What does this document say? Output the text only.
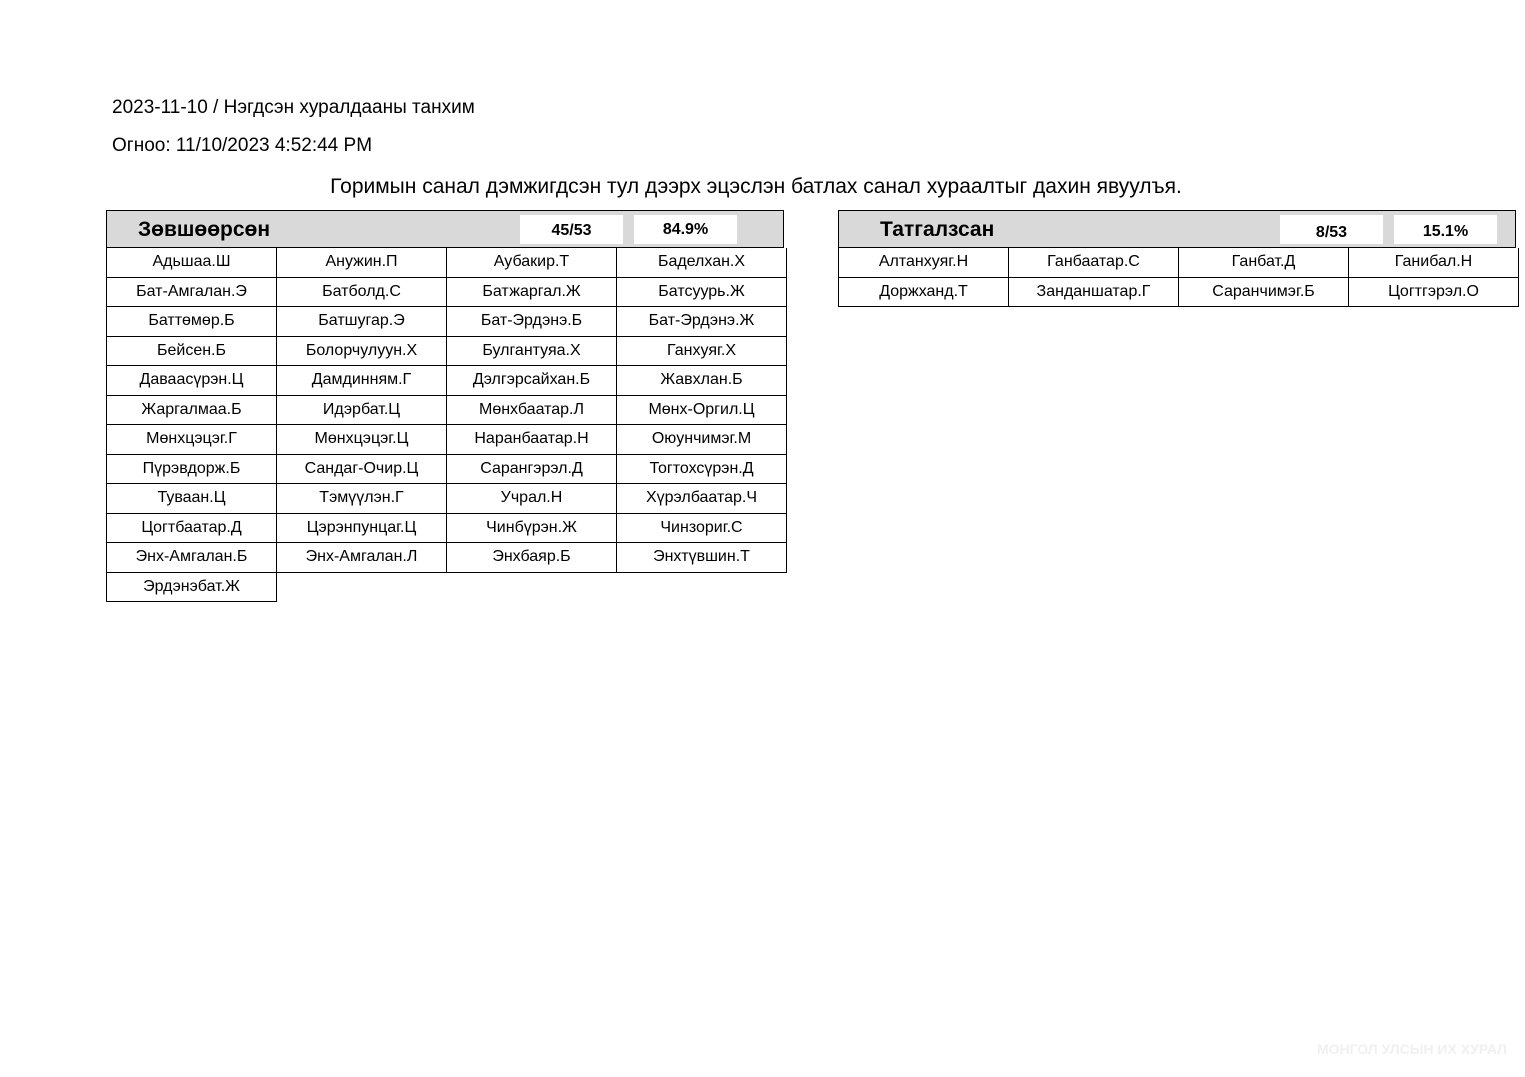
2023-11-10 / Нэгдсэн хуралдааны танхим
Огноо: 11/10/2023 4:52:44 PM
Горимын санал дэмжигдсэн тул дээрх эцэслэн батлах санал хураалтыг дахин явуулъя.
Зөвшөөрсөн	45/53	84.9%
Адьшаа.Ш	Анужин.П	Аубакир.Т	Баделхан.Х
Бат-Амгалан.Э	Батболд.С	Батжаргал.Ж	Батсуурь.Ж
Баттөмөр.Б	Батшугар.Э	Бат-Эрдэнэ.Б	Бат-Эрдэнэ.Ж
Бейсен.Б	Болорчулуун.Х	Булгантуяа.Х	Ганхуяг.Х
Даваасүрэн.Ц	Дамдинням.Г	Дэлгэрсайхан.Б	Жавхлан.Б
Жаргалмаа.Б	Идэрбат.Ц	Мөнхбаатар.Л	Мөнх-Оргил.Ц
Мөнхцэцэг.Г	Мөнхцэцэг.Ц	Наранбаатар.Н	Оюунчимэг.М
Пүрэвдорж.Б	Сандаг-Очир.Ц	Сарангэрэл.Д	Тогтохсүрэн.Д
Туваан.Ц	Тэмүүлэн.Г	Учрал.Н	Хүрэлбаатар.Ч
Цогтбаатар.Д	Цэрэнпунцаг.Ц	Чинбүрэн.Ж	Чинзориг.С
Энх-Амгалан.Б	Энх-Амгалан.Л	Энхбаяр.Б	Энхтүвшин.Т
Эрдэнэбат.Ж			
Татгалзсан	8/53	15.1%
Алтанхуяг.Н	Ганбаатар.С	Ганбат.Д	Ганибал.Н
Доржханд.Т	Занданшатар.Г	Саранчимэг.Б	Цогтгэрэл.О
МОНГОЛ УЛСЫН ИХ ХУРАЛ
